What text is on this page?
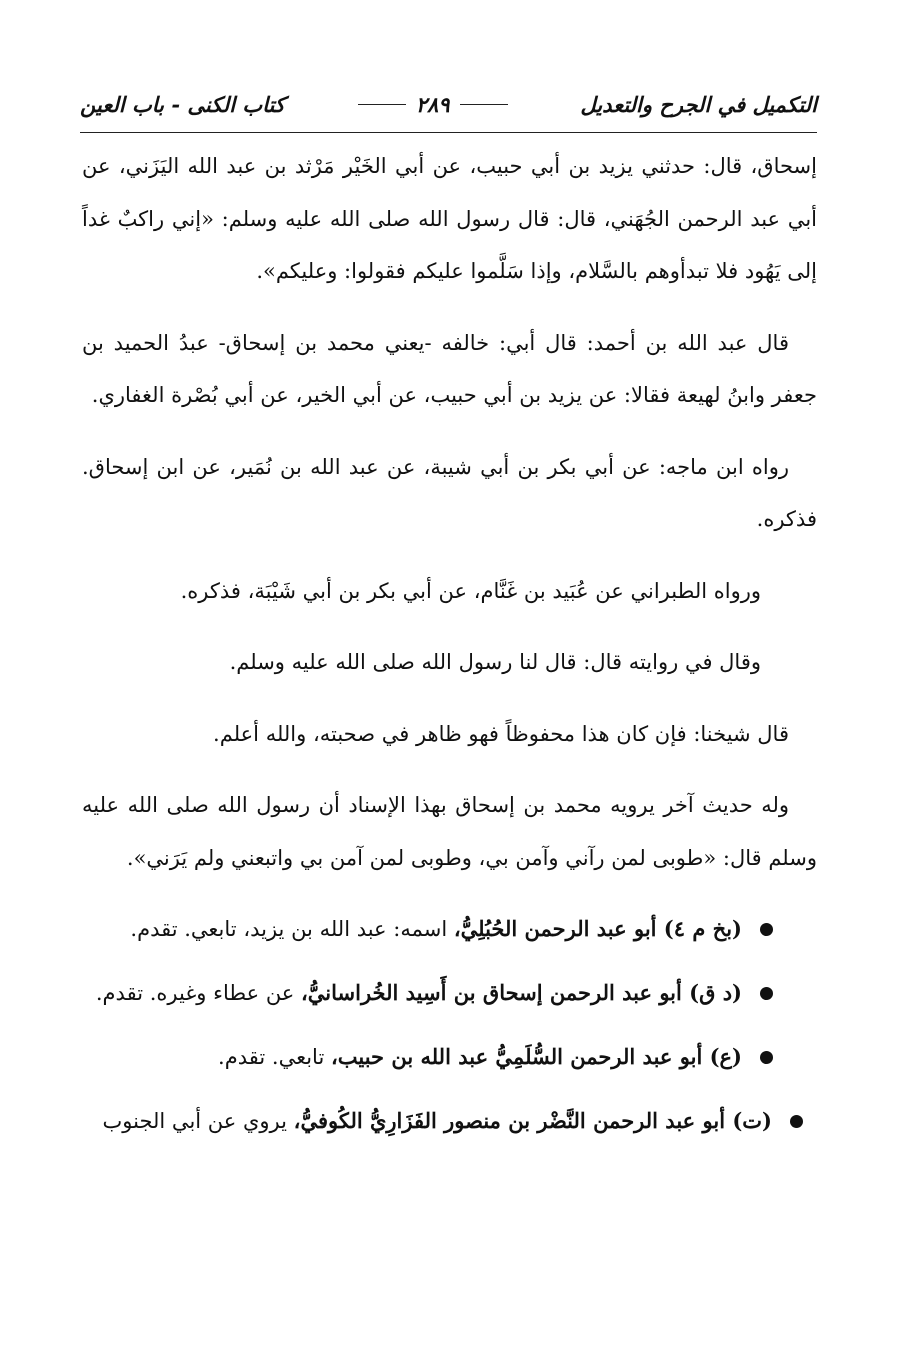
التكميل في الجرح والتعديل
٢٨٩
كتاب الكنى - باب العين

إسحاق، قال: حدثني يزيد بن أبي حبيب، عن أبي الخَيْر مَرْثد بن عبد الله اليَزَني، عن أبي عبد الرحمن الجُهَني، قال: قال رسول الله صلى الله عليه وسلم: «إني راكبٌ غداً إلى يَهُود فلا تبدأوهم بالسَّلام، وإذا سَلَّموا عليكم فقولوا: وعليكم».

قال عبد الله بن أحمد: قال أبي: خالفه -يعني محمد بن إسحاق- عبدُ الحميد بن جعفر وابنُ لهيعة فقالا: عن يزيد بن أبي حبيب، عن أبي الخير، عن أبي بُصْرة الغفاري.

رواه ابن ماجه: عن أبي بكر بن أبي شيبة، عن عبد الله بن نُمَير، عن ابن إسحاق. فذكره.

ورواه الطبراني عن عُبَيد بن غَنَّام، عن أبي بكر بن أبي شَيْبَة، فذكره.

وقال في روايته قال: قال لنا رسول الله صلى الله عليه وسلم.

قال شيخنا: فإن كان هذا محفوظاً فهو ظاهر في صحبته، والله أعلم.

وله حديث آخر يرويه محمد بن إسحاق بهذا الإسناد أن رسول الله صلى الله عليه وسلم قال: «طوبى لمن رآني وآمن بي، وطوبى لمن آمن بي واتبعني ولم يَرَني».

(بخ م ٤) أبو عبد الرحمن الحُبُلِيُّ، اسمه: عبد الله بن يزيد، تابعي. تقدم.
(د ق) أبو عبد الرحمن إسحاق بن أَسِيد الخُراسانيُّ، عن عطاء وغيره. تقدم.
(ع) أبو عبد الرحمن السُّلَمِيُّ عبد الله بن حبيب، تابعي. تقدم.
(ت) أبو عبد الرحمن النَّضْر بن منصور الفَزَارِيُّ الكُوفيُّ، يروي عن أبي الجنوب
